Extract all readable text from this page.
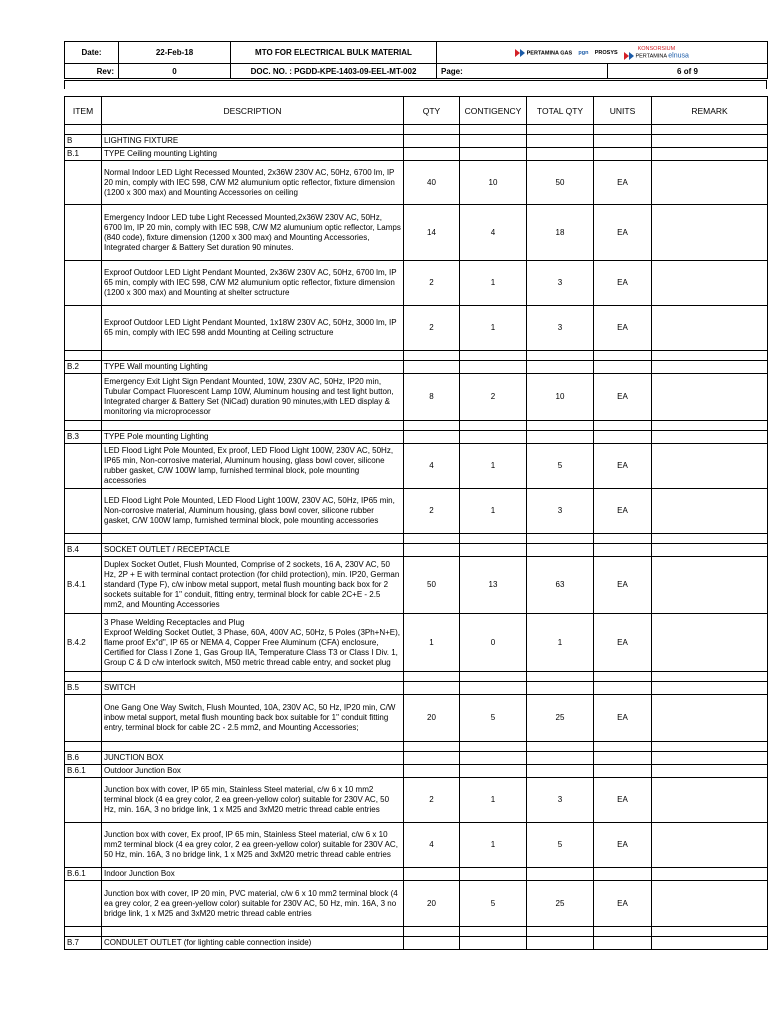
Date:	22-Feb-18	MTO FOR ELECTRICAL BULK MATERIAL	PERTAMINA GAS pgn PROSYS
KONSORSIUM
PERTAMINA elnusa	
Rev:	0	DOC. NO. : PGDD-KPE-1403-09-EEL-MT-002	Page:	6 of 9
ITEM	DESCRIPTION	QTY	CONTIGENCY	TOTAL QTY	UNITS	REMARK

B	LIGHTING FIXTURE					
B.1	TYPE Ceiling mounting Lighting					
	Normal Indoor LED Light Recessed Mounted, 2x36W 230V AC, 50Hz, 6700 lm, IP 20 min, comply with IEC 598, C/W M2 alumunium optic reflector, fixture dimension (1200 x 300 max) and Mounting Accessories on ceiling	40	10	50	EA	
	Emergency Indoor LED tube Light Recessed Mounted,2x36W 230V AC, 50Hz, 6700 lm, IP 20 min, comply with IEC 598, C/W M2 alumunium optic reflector, Lamps (840 code), fixture dimension (1200 x 300 max) and Mounting Accessories, Integrated charger & Battery Set duration 90 minutes.	14	4	18	EA	
	Exproof Outdoor LED Light Pendant Mounted, 2x36W 230V AC, 50Hz, 6700 lm, IP 65 min, comply with IEC 598, C/W M2 alumunium optic reflector, fixture dimension (1200 x 300 max) and Mounting at shelter sctructure	2	1	3	EA	
	Exproof Outdoor LED Light Pendant Mounted, 1x18W 230V AC, 50Hz, 3000 lm, IP 65 min, comply with IEC 598 andd Mounting at Ceiling sctructure	2	1	3	EA	

B.2	TYPE Wall mounting Lighting					
	Emergency Exit Light Sign Pendant Mounted, 10W, 230V AC, 50Hz, IP20 min, Tubular Compact Fluorescent Lamp 10W, Aluminum housing and test light button, Integrated charger & Battery Set (NiCad) duration 90 minutes,with LED display & monitoring via microprocessor	8	2	10	EA	

B.3	TYPE Pole mounting Lighting					
	LED Flood Light Pole Mounted, Ex proof, LED Flood Light 100W, 230V AC, 50Hz, IP65 min, Non-corrosive material, Aluminum housing, glass bowl cover, silicone rubber gasket, C/W 100W lamp, furnished terminal block, pole mounting accessories	4	1	5	EA	
	LED Flood Light Pole Mounted, LED Flood Light 100W, 230V AC, 50Hz, IP65 min, Non-corrosive material, Aluminum housing, glass bowl cover, silicone rubber gasket, C/W 100W lamp, furnished terminal block, pole mounting accessories	2	1	3	EA	

B.4	SOCKET OUTLET / RECEPTACLE					
B.4.1	Duplex Socket Outlet, Flush Mounted, Comprise of 2 sockets, 16 A, 230V AC, 50 Hz, 2P + E with terminal contact protection (for child protection), min. IP20, German standard (Type F), c/w inbow metal support, metal flush mounting back box for 2 sockets suitable for 1" conduit, fitting entry, terminal block for cable 2C+E - 2.5 mm2, and Mounting Accessories	50	13	63	EA	
B.4.2	3 Phase Welding Receptacles and Plug
Exproof Welding Socket Outlet, 3 Phase, 60A, 400V AC, 50Hz, 5 Poles (3Ph+N+E), flame proof Ex"d", IP 65 or NEMA 4, Copper Free Aluminum (CFA) enclosure, Certified for Class I Zone 1, Gas Group IIA, Temperature Class T3 or Class I Div. 1, Group C & D c/w interlock switch, M50 metric thread cable entry, and socket plug	1	0	1	EA	

B.5	SWITCH					
	One Gang One Way Switch, Flush Mounted, 10A, 230V AC, 50 Hz, IP20 min, C/W inbow metal support, metal flush mounting back box suitable for 1" conduit fitting entry, terminal block for cable 2C - 2.5 mm2, and Mounting Accessories;	20	5	25	EA	

B.6	JUNCTION BOX					
B.6.1	Outdoor Junction Box					
	Junction box with cover, IP 65 min, Stainless Steel material, c/w 6 x 10 mm2 terminal block (4 ea grey color, 2 ea green-yellow color) suitable for 230V AC, 50 Hz, min. 16A, 3 no bridge link, 1 x M25 and 3xM20 metric thread cable entries	2	1	3	EA	
	Junction box with cover, Ex proof, IP 65 min, Stainless Steel material, c/w 6 x 10 mm2 terminal block (4 ea grey color, 2 ea green-yellow color) suitable for 230V AC, 50 Hz, min. 16A, 3 no bridge link, 1 x M25 and 3xM20 metric thread cable entries	4	1	5	EA	
B.6.1	Indoor Junction Box					
	Junction box with cover, IP 20 min, PVC material, c/w 6 x 10 mm2 terminal block (4 ea grey color, 2 ea green-yellow color) suitable for 230V AC, 50 Hz, min. 16A, 3 no bridge link, 1 x M25 and 3xM20 metric thread cable entries	20	5	25	EA	

B.7	CONDULET OUTLET (for lighting cable connection inside)					
